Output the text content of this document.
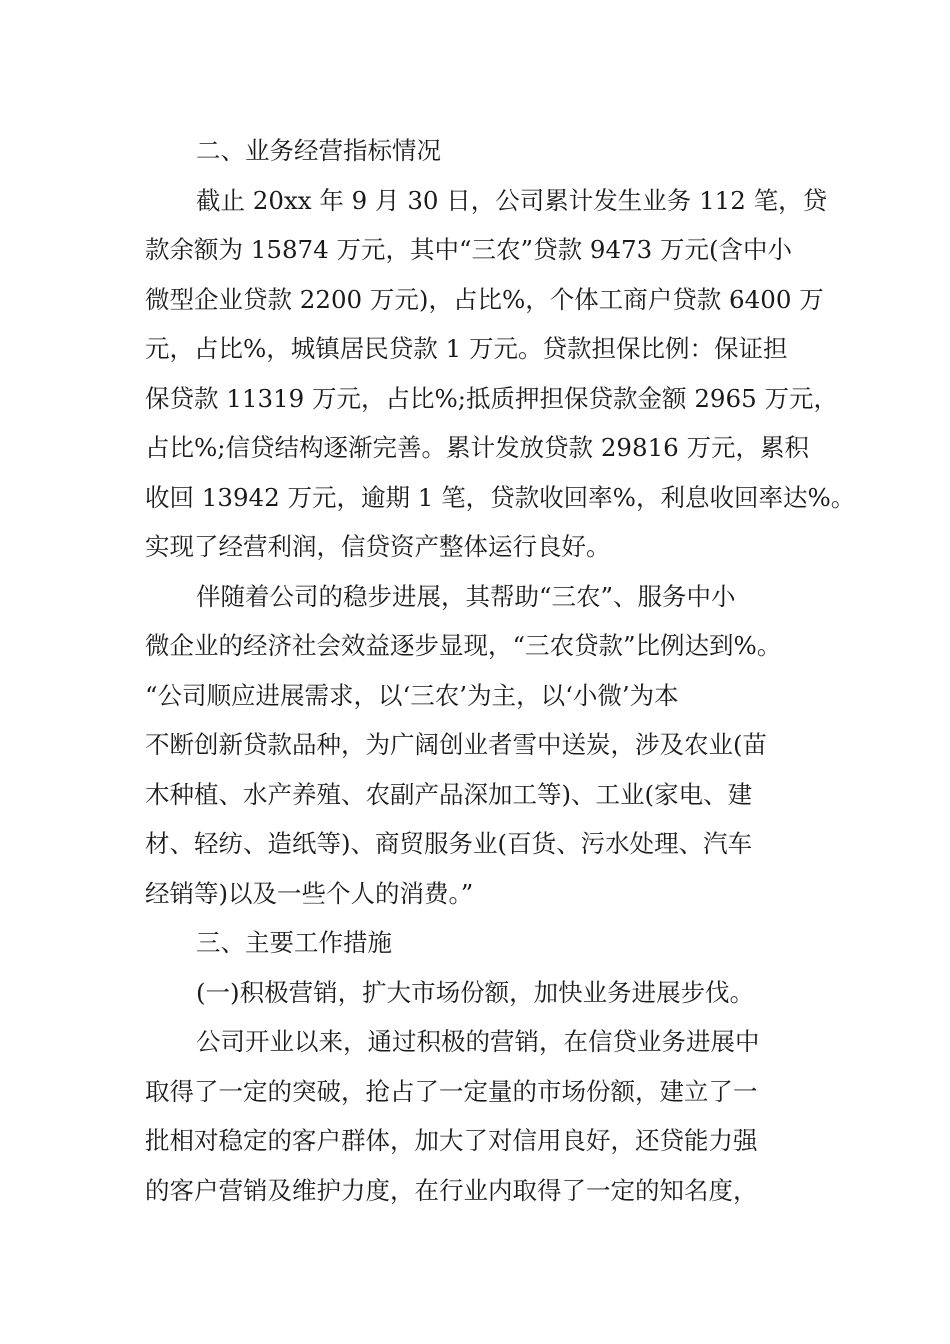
二、业务经营指标情况

截止 20xx 年 9 月 30 日，公司累计发生业务 112 笔，贷

款余额为 15874 万元，其中“三农”贷款 9473 万元(含中小

微型企业贷款 2200 万元)，占比%，个体工商户贷款 6400 万

元，占比%，城镇居民贷款 1 万元。贷款担保比例：保证担

保贷款 11319 万元，占比%;抵质押担保贷款金额 2965 万元，

占比%;信贷结构逐渐完善。累计发放贷款 29816 万元，累积

收回 13942 万元，逾期 1 笔，贷款收回率%，利息收回率达%。

实现了经营利润，信贷资产整体运行良好。

伴随着公司的稳步进展，其帮助“三农”、服务中小

微企业的经济社会效益逐步显现，“三农贷款”比例达到%。

“公司顺应进展需求，以‘三农’为主，以‘小微’为本

不断创新贷款品种，为广阔创业者雪中送炭，涉及农业(苗

木种植、水产养殖、农副产品深加工等)、工业(家电、建

材、轻纺、造纸等)、商贸服务业(百货、污水处理、汽车

经销等)以及一些个人的消费。”

三、主要工作措施

(一)积极营销，扩大市场份额，加快业务进展步伐。

公司开业以来，通过积极的营销，在信贷业务进展中

取得了一定的突破，抢占了一定量的市场份额，建立了一

批相对稳定的客户群体，加大了对信用良好，还贷能力强

的客户营销及维护力度，在行业内取得了一定的知名度，
